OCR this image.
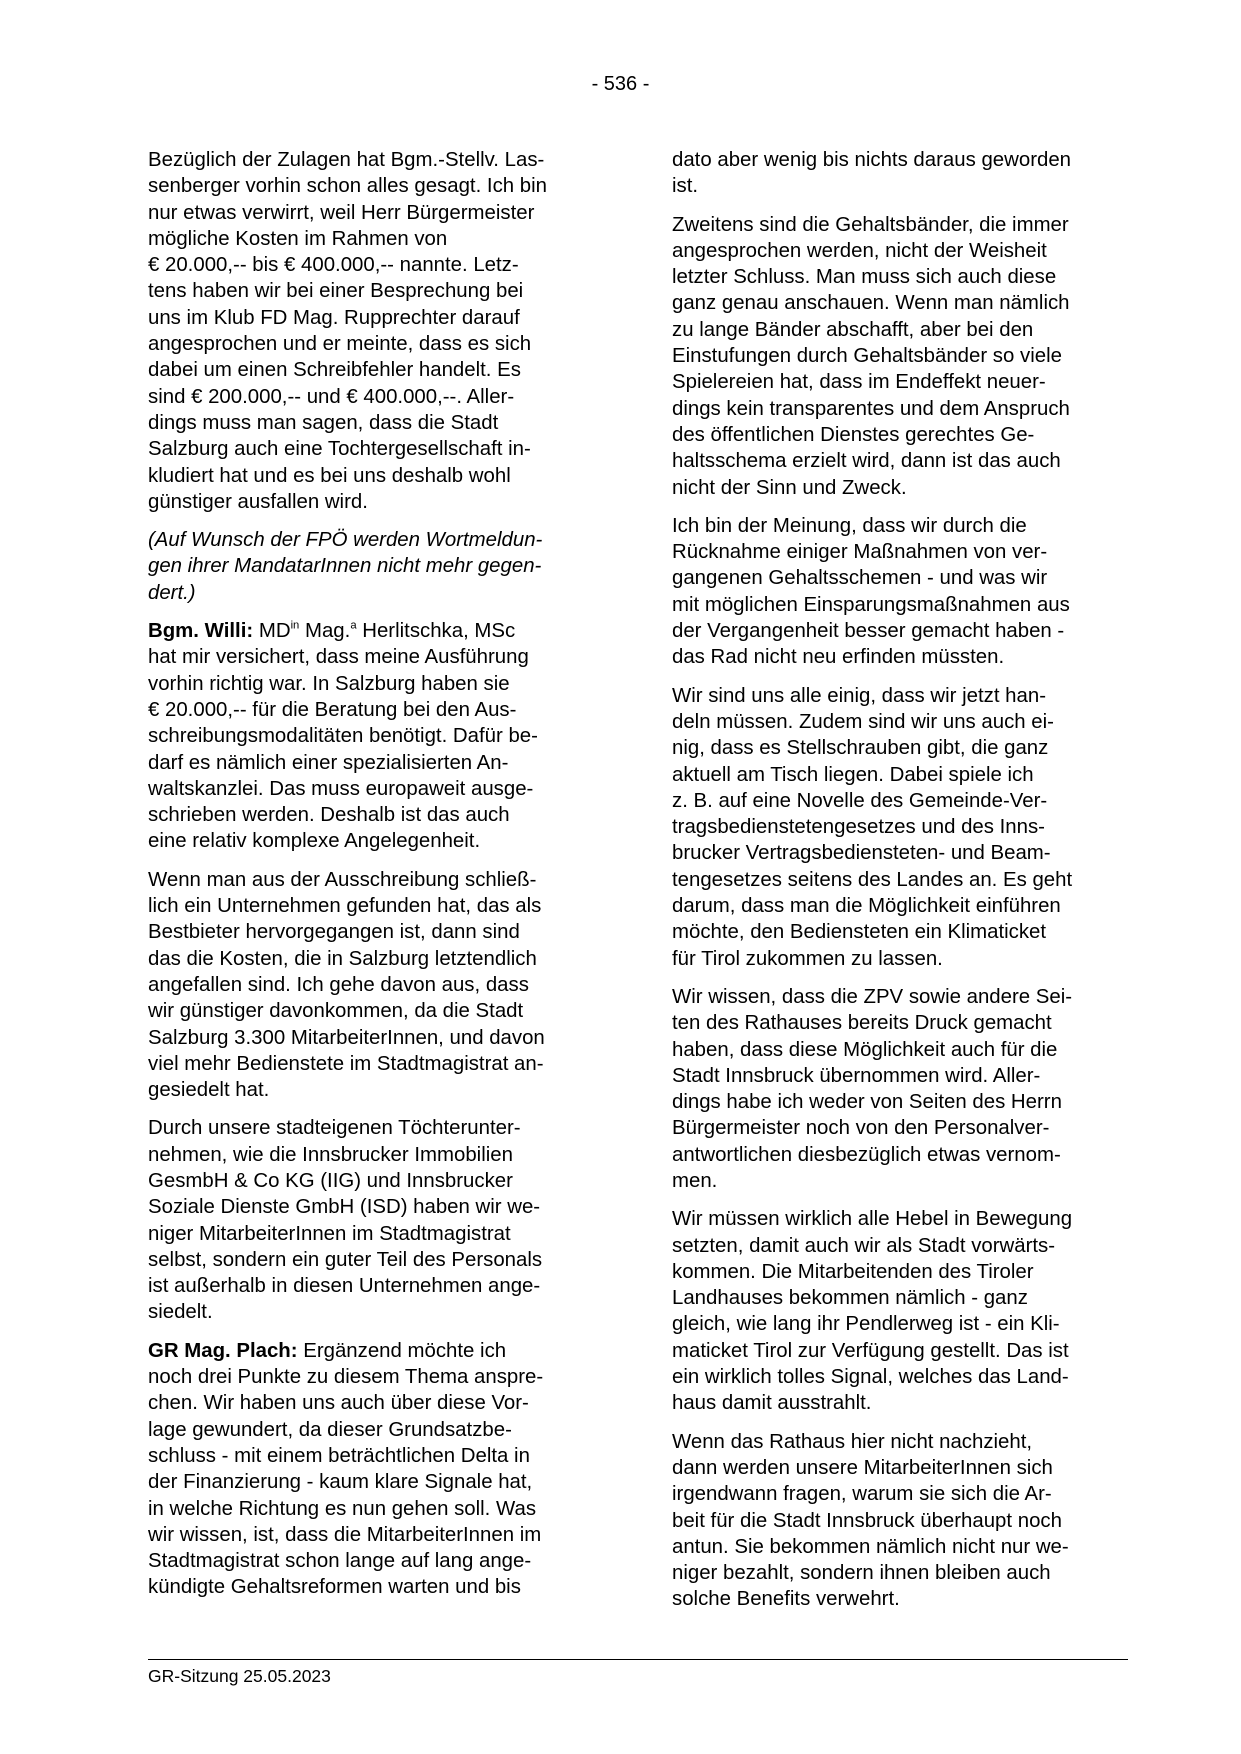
- 536 -

Bezüglich der Zulagen hat Bgm.-Stellv. Las-
senberger vorhin schon alles gesagt. Ich bin
nur etwas verwirrt, weil Herr Bürgermeister
mögliche Kosten im Rahmen von
€ 20.000,-- bis € 400.000,-- nannte. Letz-
tens haben wir bei einer Besprechung bei
uns im Klub FD Mag. Rupprechter darauf
angesprochen und er meinte, dass es sich
dabei um einen Schreibfehler handelt. Es
sind € 200.000,-- und € 400.000,--. Aller-
dings muss man sagen, dass die Stadt
Salzburg auch eine Tochtergesellschaft in-
kludiert hat und es bei uns deshalb wohl
günstiger ausfallen wird.

(Auf Wunsch der FPÖ werden Wortmeldun-
gen ihrer MandatarInnen nicht mehr gegen-
dert.)

Bgm. Willi: $MD^{in}$ Mag.$^a$ Herlitschka, MSc
hat mir versichert, dass meine Ausführung
vorhin richtig war. In Salzburg haben sie
€ 20.000,-- für die Beratung bei den Aus-
schreibungsmodalitäten benötigt. Dafür be-
darf es nämlich einer spezialisierten An-
waltskanzlei. Das muss europaweit ausge-
schrieben werden. Deshalb ist das auch
eine relativ komplexe Angelegenheit.

Wenn man aus der Ausschreibung schließ-
lich ein Unternehmen gefunden hat, das als
Bestbieter hervorgegangen ist, dann sind
das die Kosten, die in Salzburg letztendlich
angefallen sind. Ich gehe davon aus, dass
wir günstiger davonkommen, da die Stadt
Salzburg 3.300 MitarbeiterInnen, und davon
viel mehr Bedienstete im Stadtmagistrat an-
gesiedelt hat.

Durch unsere stadteigenen Töchterunter-
nehmen, wie die Innsbrucker Immobilien
GesmbH & Co KG (IIG) und Innsbrucker
Soziale Dienste GmbH (ISD) haben wir we-
niger MitarbeiterInnen im Stadtmagistrat
selbst, sondern ein guter Teil des Personals
ist außerhalb in diesen Unternehmen ange-
siedelt.

GR Mag. Plach: Ergänzend möchte ich
noch drei Punkte zu diesem Thema anspre-
chen. Wir haben uns auch über diese Vor-
lage gewundert, da dieser Grundsatzbe-
schluss - mit einem beträchtlichen Delta in
der Finanzierung - kaum klare Signale hat,
in welche Richtung es nun gehen soll. Was
wir wissen, ist, dass die MitarbeiterInnen im
Stadtmagistrat schon lange auf lang ange-
kündigte Gehaltsreformen warten und bis

dato aber wenig bis nichts daraus geworden
ist.

Zweitens sind die Gehaltsbänder, die immer
angesprochen werden, nicht der Weisheit
letzter Schluss. Man muss sich auch diese
ganz genau anschauen. Wenn man nämlich
zu lange Bänder abschafft, aber bei den
Einstufungen durch Gehaltsbänder so viele
Spielereien hat, dass im Endeffekt neuer-
dings kein transparentes und dem Anspruch
des öffentlichen Dienstes gerechtes Ge-
haltsschema erzielt wird, dann ist das auch
nicht der Sinn und Zweck.

Ich bin der Meinung, dass wir durch die
Rücknahme einiger Maßnahmen von ver-
gangenen Gehaltsschemen - und was wir
mit möglichen Einsparungsmaßnahmen aus
der Vergangenheit besser gemacht haben -
das Rad nicht neu erfinden müssten.

Wir sind uns alle einig, dass wir jetzt han-
deln müssen. Zudem sind wir uns auch ei-
nig, dass es Stellschrauben gibt, die ganz
aktuell am Tisch liegen. Dabei spiele ich
z. B. auf eine Novelle des Gemeinde-Ver-
tragsbedienstetengesetzes und des Inns-
brucker Vertragsbediensteten- und Beam-
tengesetzes seitens des Landes an. Es geht
darum, dass man die Möglichkeit einführen
möchte, den Bediensteten ein Klimaticket
für Tirol zukommen zu lassen.

Wir wissen, dass die ZPV sowie andere Sei-
ten des Rathauses bereits Druck gemacht
haben, dass diese Möglichkeit auch für die
Stadt Innsbruck übernommen wird. Aller-
dings habe ich weder von Seiten des Herrn
Bürgermeister noch von den Personalver-
antwortlichen diesbezüglich etwas vernom-
men.

Wir müssen wirklich alle Hebel in Bewegung
setzten, damit auch wir als Stadt vorwärts-
kommen. Die Mitarbeitenden des Tiroler
Landhauses bekommen nämlich - ganz
gleich, wie lang ihr Pendlerweg ist - ein Kli-
maticket Tirol zur Verfügung gestellt. Das ist
ein wirklich tolles Signal, welches das Land-
haus damit ausstrahlt.

Wenn das Rathaus hier nicht nachzieht,
dann werden unsere MitarbeiterInnen sich
irgendwann fragen, warum sie sich die Ar-
beit für die Stadt Innsbruck überhaupt noch
antun. Sie bekommen nämlich nicht nur we-
niger bezahlt, sondern ihnen bleiben auch
solche Benefits verwehrt.

GR-Sitzung 25.05.2023
